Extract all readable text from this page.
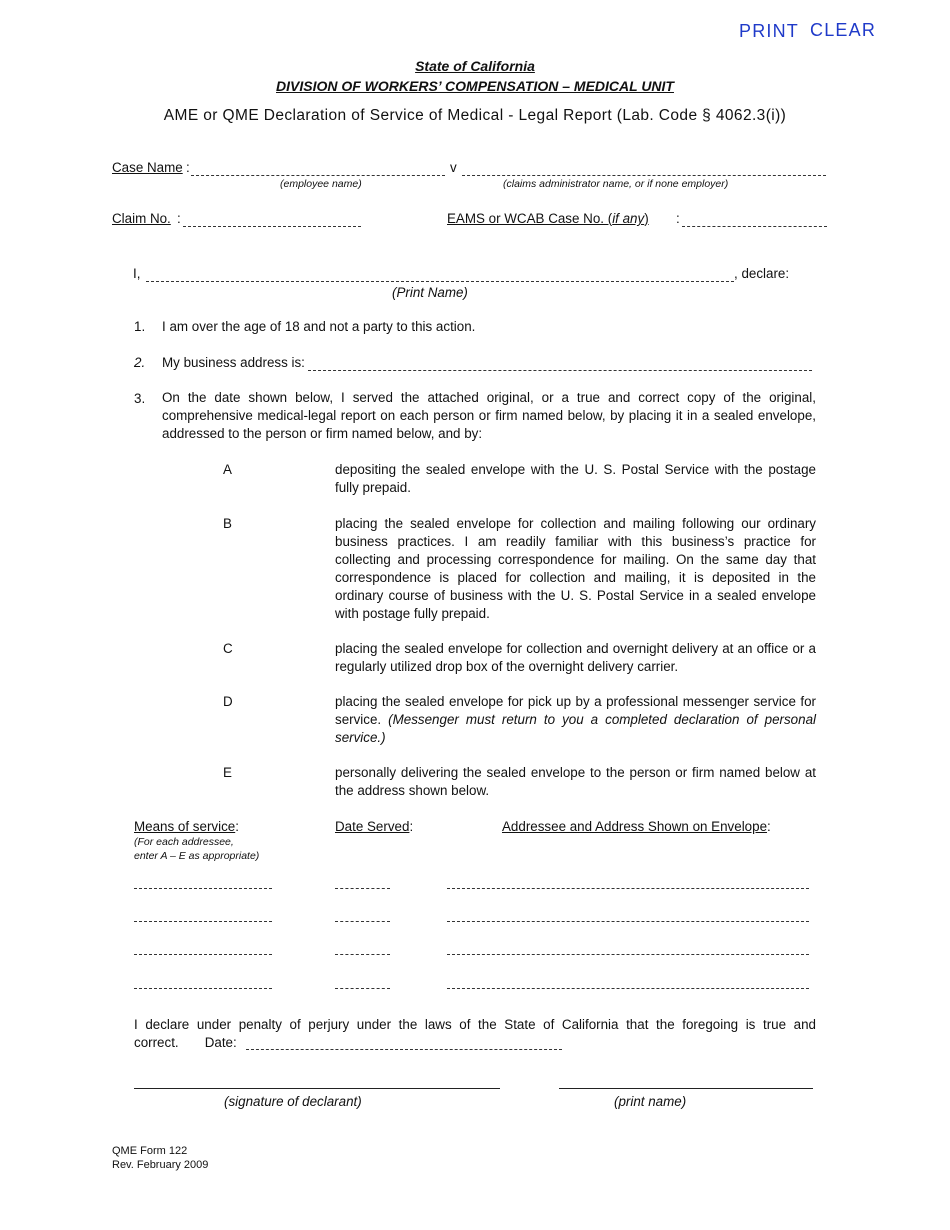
PRINT CLEAR
State of California
DIVISION OF WORKERS’ COMPENSATION – MEDICAL UNIT
AME or QME Declaration of Service of Medical - Legal Report (Lab. Code § 4062.3(i))
Case Name :	v
(employee name)	(claims administrator name, or if none employer)
Claim No. :	EAMS or WCAB Case No. (if any) :
I,	, declare:
(Print Name)
1. I am over the age of 18 and not a party to this action.
2. My business address is:
3. On the date shown below, I served the attached original, or a true and correct copy of the original, comprehensive medical-legal report on each person or firm named below, by placing it in a sealed envelope, addressed to the person or firm named below, and by:
A	depositing the sealed envelope with the U. S. Postal Service with the postage fully prepaid.
B	placing the sealed envelope for collection and mailing following our ordinary business practices. I am readily familiar with this business’s practice for collecting and processing correspondence for mailing. On the same day that correspondence is placed for collection and mailing, it is deposited in the ordinary course of business with the U. S. Postal Service in a sealed envelope with postage fully prepaid.
C	placing the sealed envelope for collection and overnight delivery at an office or a regularly utilized drop box of the overnight delivery carrier.
D	placing the sealed envelope for pick up by a professional messenger service for service. (Messenger must return to you a completed declaration of personal service.)
E	personally delivering the sealed envelope to the person or firm named below at the address shown below.
Means of service:
(For each addressee,
enter A – E as appropriate)
Date Served:	Addressee and Address Shown on Envelope:
I declare under penalty of perjury under the laws of the State of California that the foregoing is true and correct. Date:
(signature of declarant)	(print name)
QME Form 122
Rev. February 2009
